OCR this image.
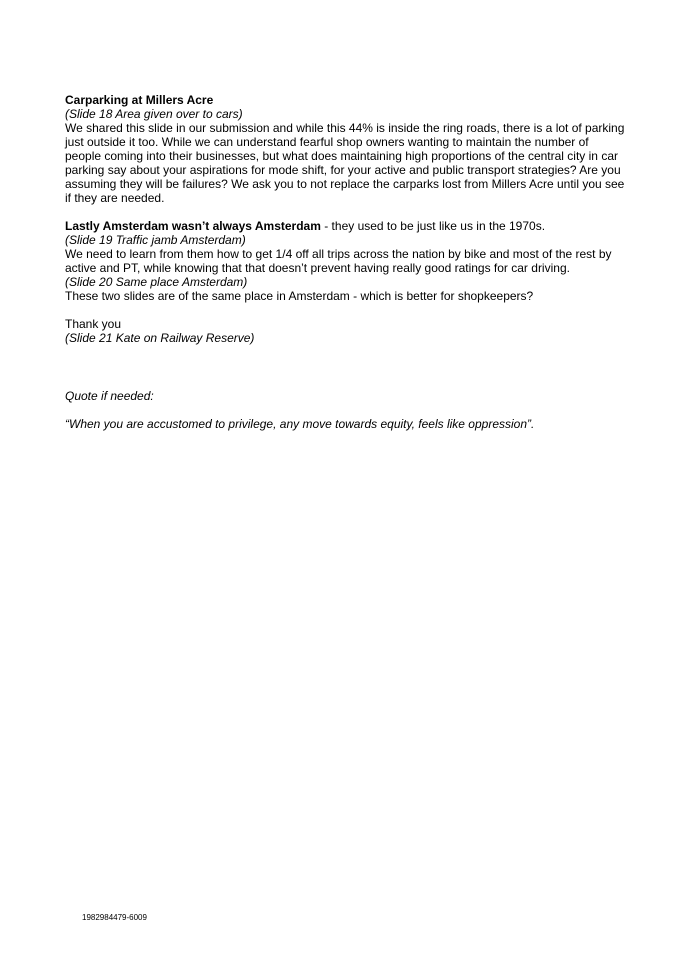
Carparking at Millers Acre
(Slide 18 Area given over to cars)
We shared this slide in our submission and while this 44% is inside the ring roads, there is a lot of parking just outside it too. While we can understand fearful shop owners wanting to maintain the number of people coming into their businesses, but what does maintaining high proportions of the central city in car parking say about your aspirations for mode shift, for your active and public transport strategies? Are you assuming they will be failures? We ask you to not replace the carparks lost from Millers Acre until you see if they are needed.
Lastly Amsterdam wasn’t always Amsterdam - they used to be just like us in the 1970s.
(Slide 19 Traffic jamb Amsterdam)
We need to learn from them how to get 1/4 off all trips across the nation by bike and most of the rest by active and PT, while knowing that that doesn’t prevent having really good ratings for car driving.
(Slide 20 Same place Amsterdam)
These two slides are of the same place in Amsterdam - which is better for shopkeepers?
Thank you
(Slide 21 Kate on Railway Reserve)
Quote if needed:
“When you are accustomed to privilege, any move towards equity, feels like oppression”.
1982984479-6009
